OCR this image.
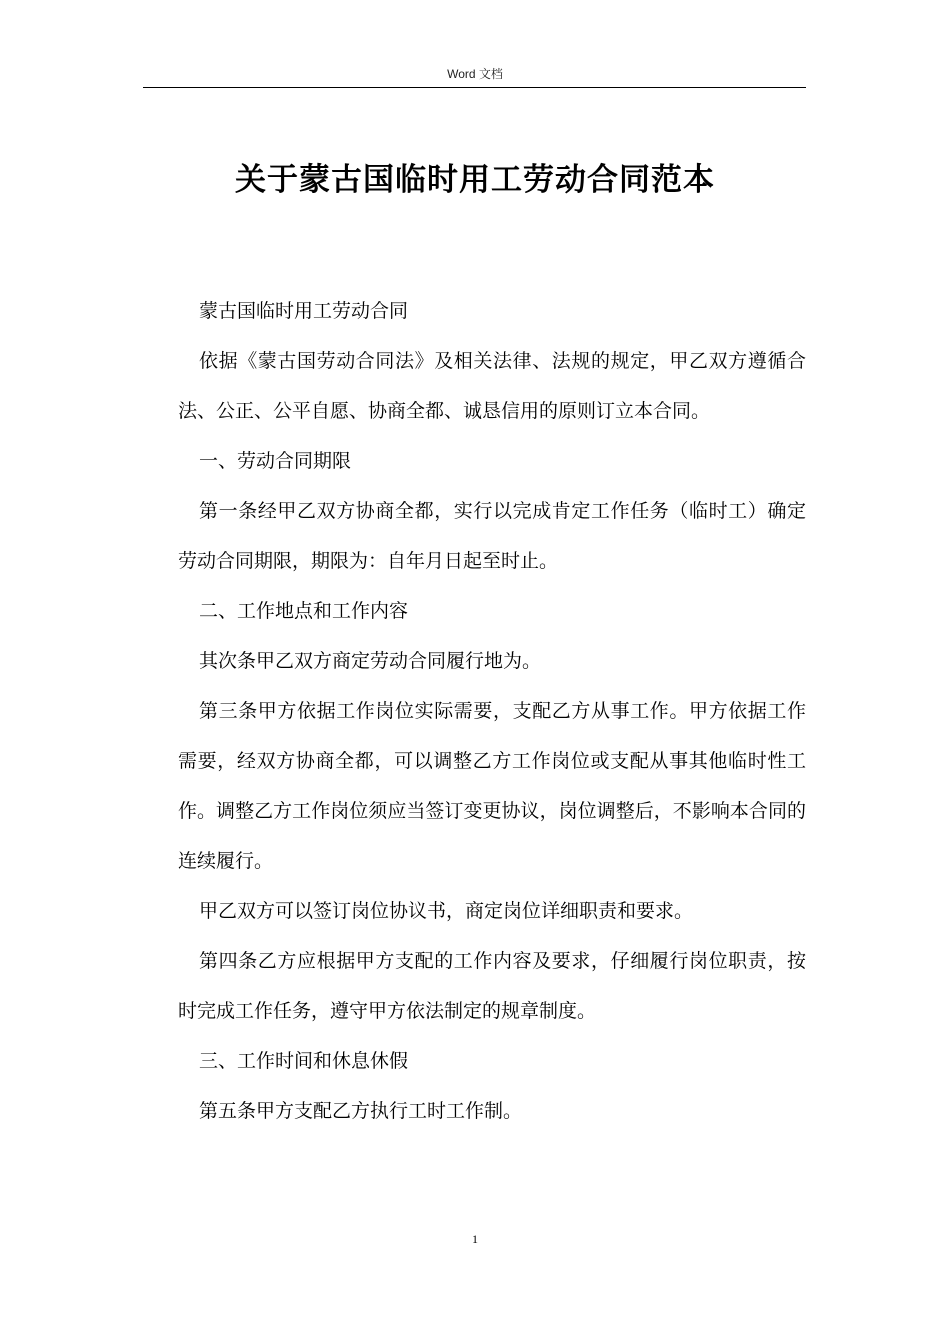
Word 文档
关于蒙古国临时用工劳动合同范本

蒙古国临时用工劳动合同

依据《蒙古国劳动合同法》及相关法律、法规的规定，甲乙双方遵循合法、公正、公平自愿、协商全都、诚恳信用的原则订立本合同。

一、劳动合同期限

第一条经甲乙双方协商全都，实行以完成肯定工作任务（临时工）确定劳动合同期限，期限为：自年月日起至时止。

二、工作地点和工作内容

其次条甲乙双方商定劳动合同履行地为。

第三条甲方依据工作岗位实际需要，支配乙方从事工作。甲方依据工作需要，经双方协商全都，可以调整乙方工作岗位或支配从事其他临时性工作。调整乙方工作岗位须应当签订变更协议，岗位调整后，不影响本合同的连续履行。

甲乙双方可以签订岗位协议书，商定岗位详细职责和要求。

第四条乙方应根据甲方支配的工作内容及要求，仔细履行岗位职责，按时完成工作任务，遵守甲方依法制定的规章制度。

三、工作时间和休息休假

第五条甲方支配乙方执行工时工作制。

1
